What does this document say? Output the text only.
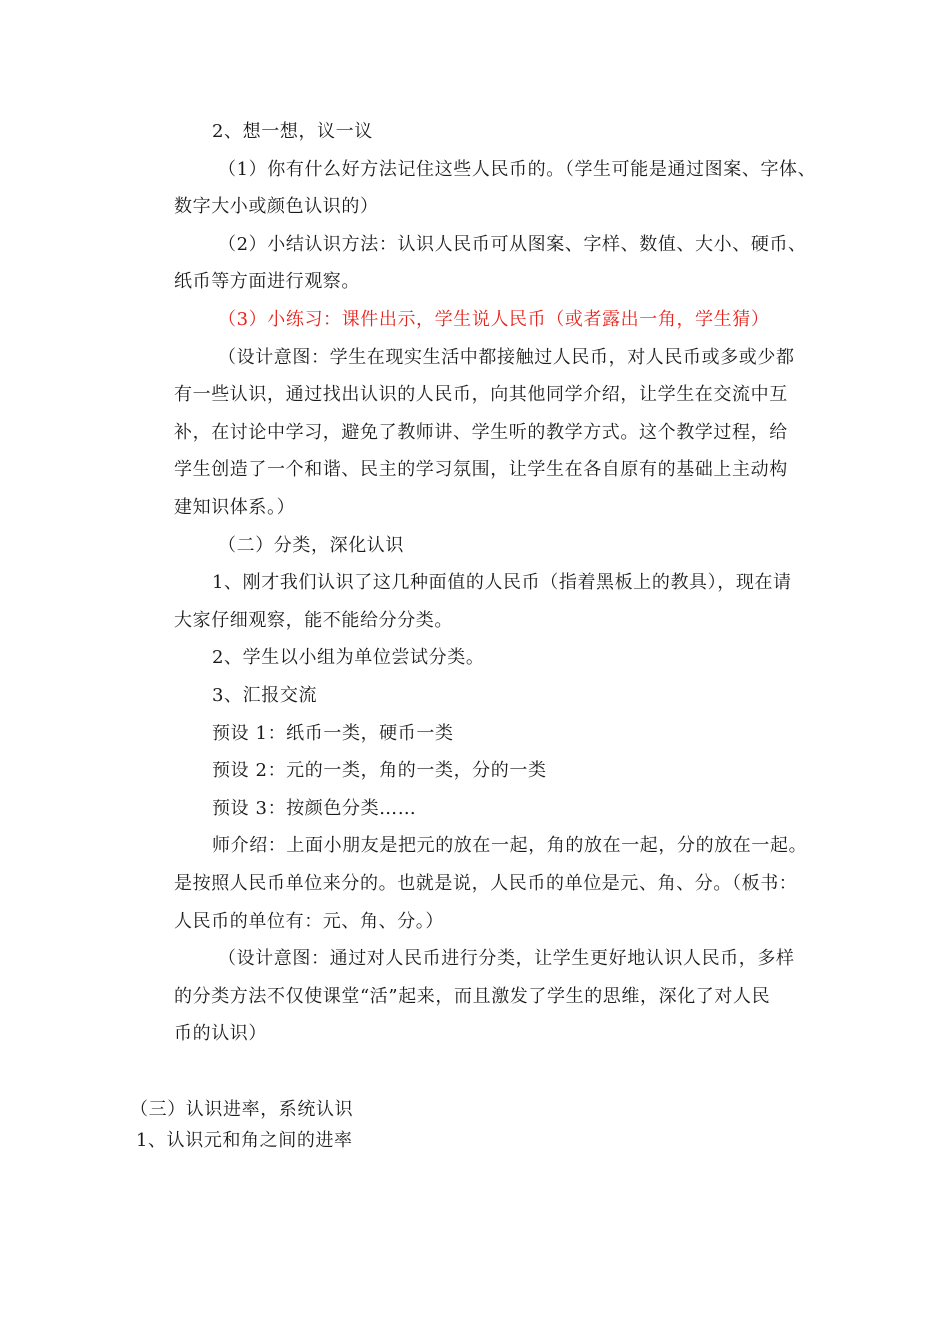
2、想一想，议一议
（1）你有什么好方法记住这些人民币的。（学生可能是通过图案、字体、
数字大小或颜色认识的）
（2）小结认识方法：认识人民币可从图案、字样、数值、大小、硬币、
纸币等方面进行观察。
（3）小练习：课件出示，学生说人民币（或者露出一角，学生猜）
（设计意图：学生在现实生活中都接触过人民币，对人民币或多或少都
有一些认识，通过找出认识的人民币，向其他同学介绍，让学生在交流中互
补，在讨论中学习，避免了教师讲、学生听的教学方式。这个教学过程，给
学生创造了一个和谐、民主的学习氛围，让学生在各自原有的基础上主动构
建知识体系。）
（二）分类，深化认识
1、刚才我们认识了这几种面值的人民币（指着黑板上的教具），现在请
大家仔细观察，能不能给分分类。
2、学生以小组为单位尝试分类。
3、汇报交流
预设 1：纸币一类，硬币一类
预设 2：元的一类，角的一类，分的一类
预设 3：按颜色分类……
师介绍：上面小朋友是把元的放在一起，角的放在一起，分的放在一起。
是按照人民币单位来分的。也就是说，人民币的单位是元、角、分。（板书：
人民币的单位有：元、角、分。）
（设计意图：通过对人民币进行分类，让学生更好地认识人民币，多样
的分类方法不仅使课堂“活”起来，而且激发了学生的思维，深化了对人民
币的认识）
（三）认识进率，系统认识
1、认识元和角之间的进率
